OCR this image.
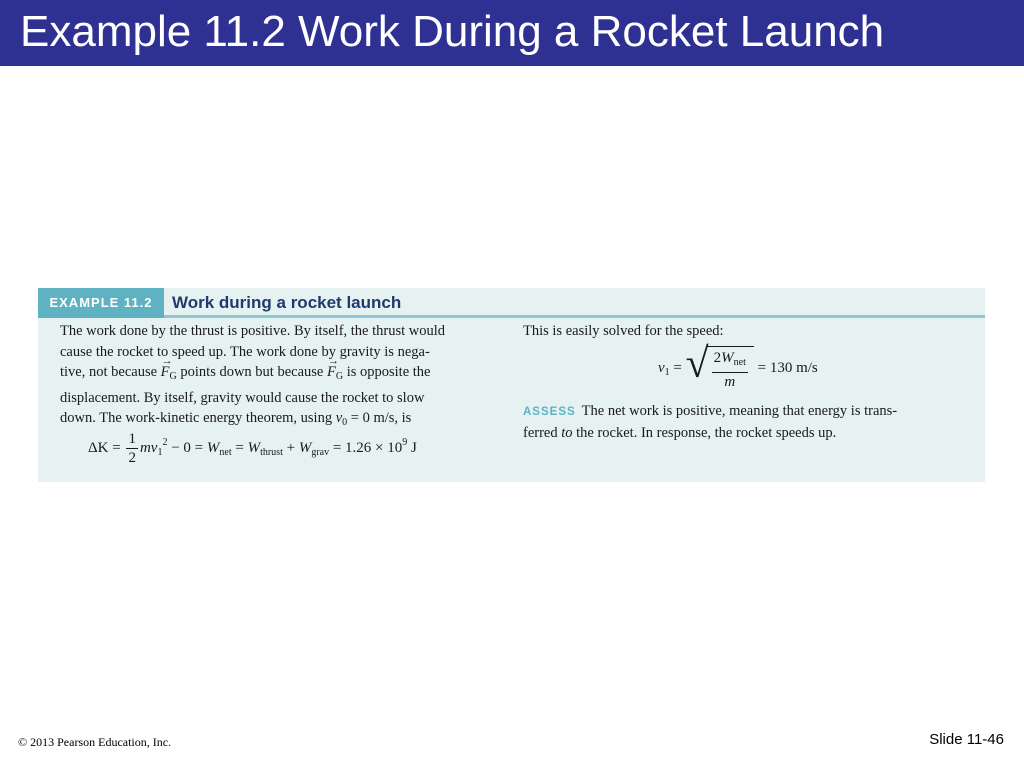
Example 11.2 Work During a Rocket Launch
EXAMPLE 11.2	Work during a rocket launch
The work done by the thrust is positive. By itself, the thrust would
cause the rocket to speed up. The work done by gravity is nega-
tive, not because → $F_G$ points down but because → $F_G$ is opposite the
displacement. By itself, gravity would cause the rocket to slow
down. The work-kinetic energy theorem, using $v_0 = 0$ m/s, is
$\Delta K = \frac{1}{2} mv_1^2 - 0 = W_{net} = W_{thrust} + W_{grav} = 1.26 \times 10^9$ J
This is easily solved for the speed:
$v_1$ = √ $\frac{2W_{net}}{m} = 130$ m/s
ASSESS The net work is positive, meaning that energy is trans-
ferred to the rocket. In response, the rocket speeds up.
© 2013 Pearson Education, Inc.	Slide 11-46
